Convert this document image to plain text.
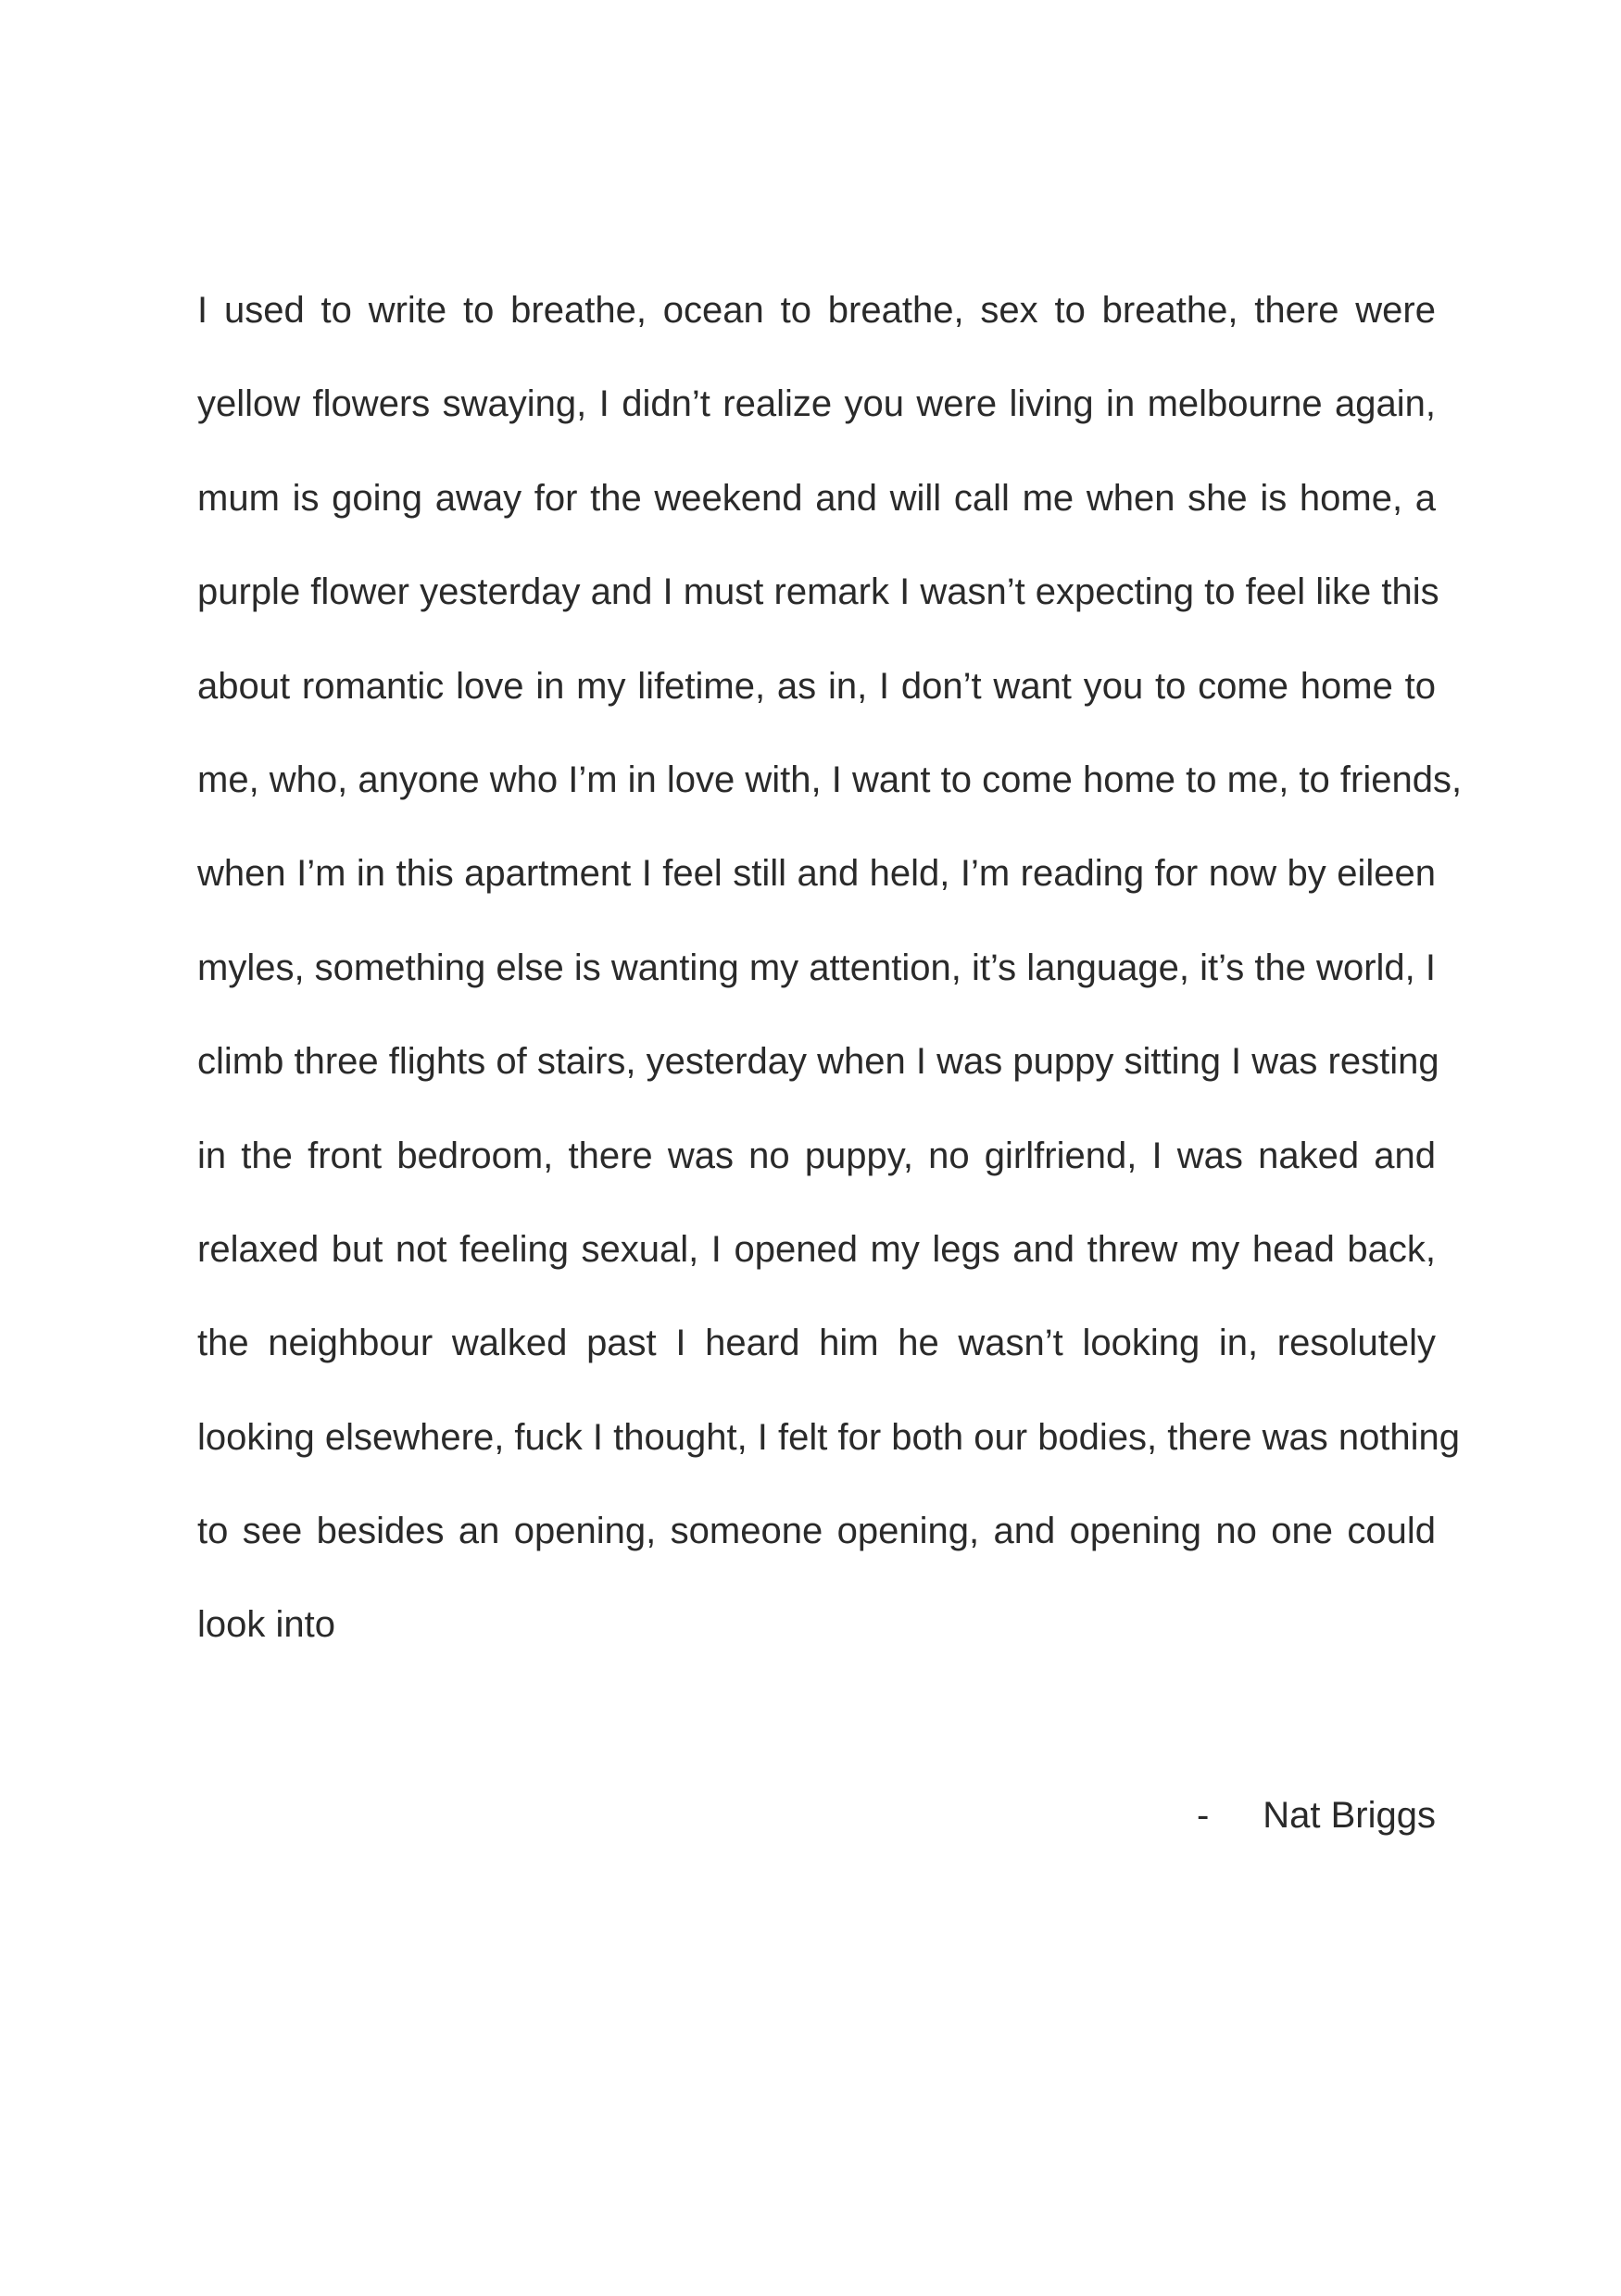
I used to write to breathe, ocean to breathe, sex to breathe, there were
yellow flowers swaying, I didn’t realize you were living in melbourne again,
mum is going away for the weekend and will call me when she is home, a
purple flower yesterday and I must remark I wasn’t expecting to feel like this
about romantic love in my lifetime, as in, I don’t want you to come home to
me, who, anyone who I’m in love with, I want to come home to me, to friends,
when I’m in this apartment I feel still and held, I’m reading for now by eileen
myles, something else is wanting my attention, it’s language, it’s the world, I
climb three flights of stairs, yesterday when I was puppy sitting I was resting
in the front bedroom, there was no puppy, no girlfriend, I was naked and
relaxed but not feeling sexual, I opened my legs and threw my head back,
the neighbour walked past I heard him he wasn’t looking in, resolutely
looking elsewhere, fuck I thought, I felt for both our bodies, there was nothing
to see besides an opening, someone opening, and opening no one could
look into
- Nat Briggs
